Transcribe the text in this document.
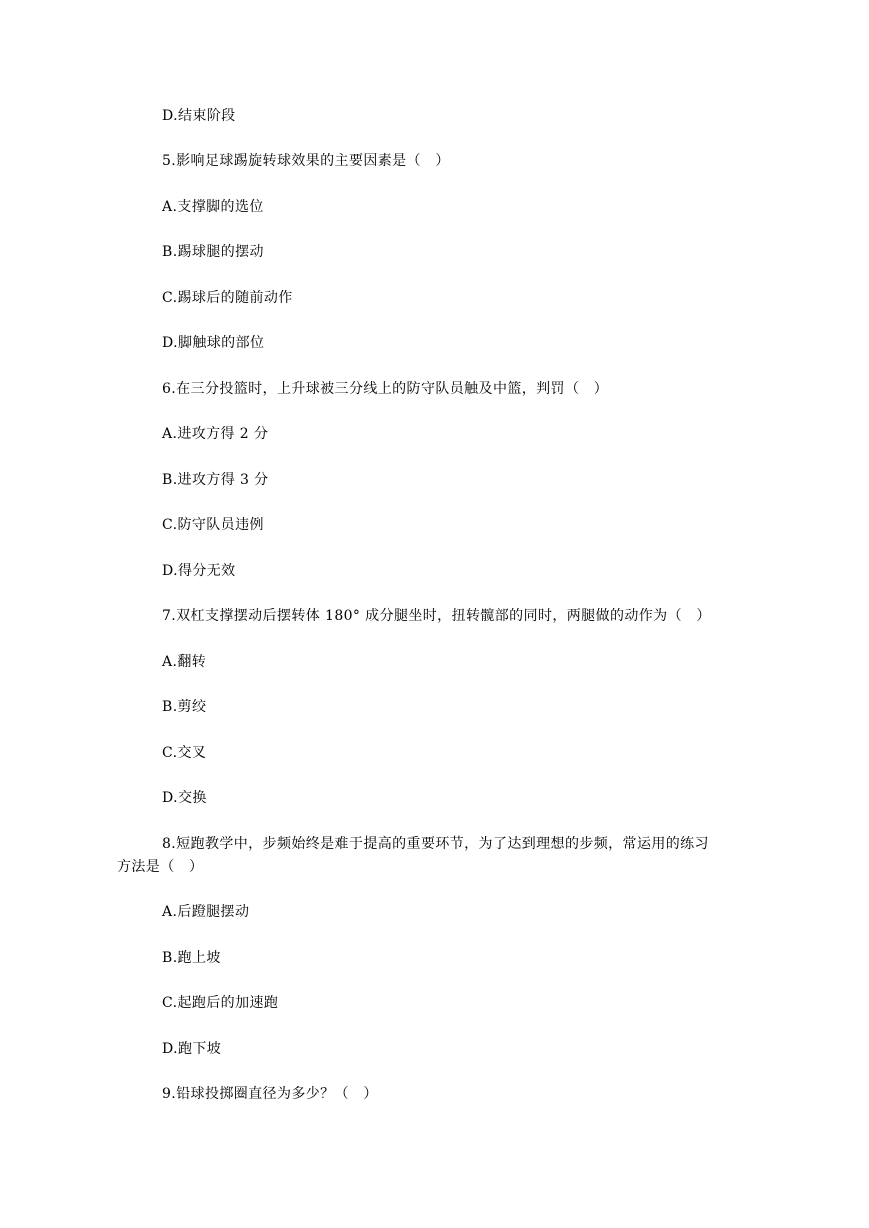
D.结束阶段
5.影响足球踢旋转球效果的主要因素是（　）
A.支撑脚的选位
B.踢球腿的摆动
C.踢球后的随前动作
D.脚触球的部位
6.在三分投篮时，上升球被三分线上的防守队员触及中篮，判罚（　）
A.进攻方得 2 分
B.进攻方得 3 分
C.防守队员违例
D.得分无效
7.双杠支撑摆动后摆转体 180° 成分腿坐时，扭转髋部的同时，两腿做的动作为（　）
A.翻转
B.剪绞
C.交叉
D.交换
8.短跑教学中，步频始终是难于提高的重要环节，为了达到理想的步频，常运用的练习
方法是（　）
A.后蹬腿摆动
B.跑上坡
C.起跑后的加速跑
D.跑下坡
9.铅球投掷圈直径为多少？（　）
